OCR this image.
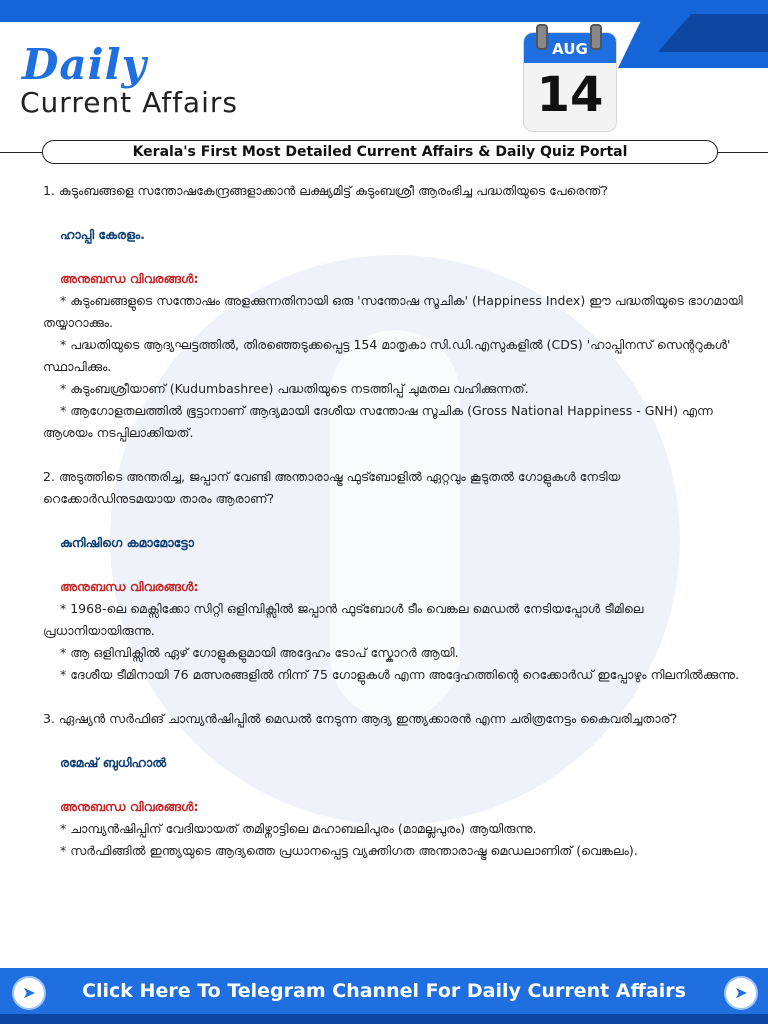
Daily
Current Affairs
AUG
14
Kerala's First Most Detailed Current Affairs & Daily Quiz Portal

1. കുടുംബങ്ങളെ സന്തോഷകേന്ദ്രങ്ങളാക്കാൻ ലക്ഷ്യമിട്ട് കുടുംബശ്രീ ആരംഭിച്ച പദ്ധതിയുടെ പേരെന്ത്?

ഹാപ്പി കേരളം.

അനുബന്ധ വിവരങ്ങൾ:

* കുടുംബങ്ങളുടെ സന്തോഷം അളക്കുന്നതിനായി ഒരു 'സന്തോഷ സൂചിക' (Happiness Index) ഈ പദ്ധതിയുടെ ഭാഗമായി തയ്യാറാക്കും.

* പദ്ധതിയുടെ ആദ്യഘട്ടത്തിൽ, തിരഞ്ഞെടുക്കപ്പെട്ട 154 മാതൃകാ സി.ഡി.എസുകളിൽ (CDS) 'ഹാപ്പിനസ് സെന്ററുകൾ' സ്ഥാപിക്കും.

* കുടുംബശ്രീയാണ് (Kudumbashree) പദ്ധതിയുടെ നടത്തിപ്പ് ചുമതല വഹിക്കുന്നത്.

* ആഗോളതലത്തിൽ ഭൂട്ടാനാണ് ആദ്യമായി ദേശീയ സന്തോഷ സൂചിക (Gross National Happiness - GNH) എന്ന ആശയം നടപ്പിലാക്കിയത്.

2. അടുത്തിടെ അന്തരിച്ച, ജപ്പാന് വേണ്ടി അന്താരാഷ്ട്ര ഫുട്ബോളിൽ ഏറ്റവും കൂടുതൽ ഗോളുകൾ നേടിയ റെക്കോർഡിനുടമയായ താരം ആരാണ്?

കുനിഷിഗെ കമാമോട്ടോ

അനുബന്ധ വിവരങ്ങൾ:

* 1968-ലെ മെക്സിക്കോ സിറ്റി ഒളിമ്പിക്സിൽ ജപ്പാൻ ഫുട്ബോൾ ടീം വെങ്കല മെഡൽ നേടിയപ്പോൾ ടീമിലെ പ്രധാനിയായിരുന്നു.

* ആ ഒളിമ്പിക്സിൽ ഏഴ് ഗോളുകളുമായി അദ്ദേഹം ടോപ് സ്കോറർ ആയി.

* ദേശീയ ടീമിനായി 76 മത്സരങ്ങളിൽ നിന്ന് 75 ഗോളുകൾ എന്ന അദ്ദേഹത്തിന്റെ റെക്കോർഡ് ഇപ്പോഴും നിലനിൽക്കുന്നു.

3. ഏഷ്യൻ സർഫിങ് ചാമ്പ്യൻഷിപ്പിൽ മെഡൽ നേടുന്ന ആദ്യ ഇന്ത്യക്കാരൻ എന്ന ചരിത്രനേട്ടം കൈവരിച്ചതാര്?

രമേഷ് ബുധിഹാൽ

അനുബന്ധ വിവരങ്ങൾ:

* ചാമ്പ്യൻഷിപ്പിന് വേദിയായത് തമിഴ്നാട്ടിലെ മഹാബലിപുരം (മാമല്ലപുരം) ആയിരുന്നു.

* സർഫിങ്ങിൽ ഇന്ത്യയുടെ ആദ്യത്തെ പ്രധാനപ്പെട്ട വ്യക്തിഗത അന്താരാഷ്ട്ര മെഡലാണിത് (വെങ്കലം).

➤	Click Here To Telegram Channel For Daily Current Affairs	➤
